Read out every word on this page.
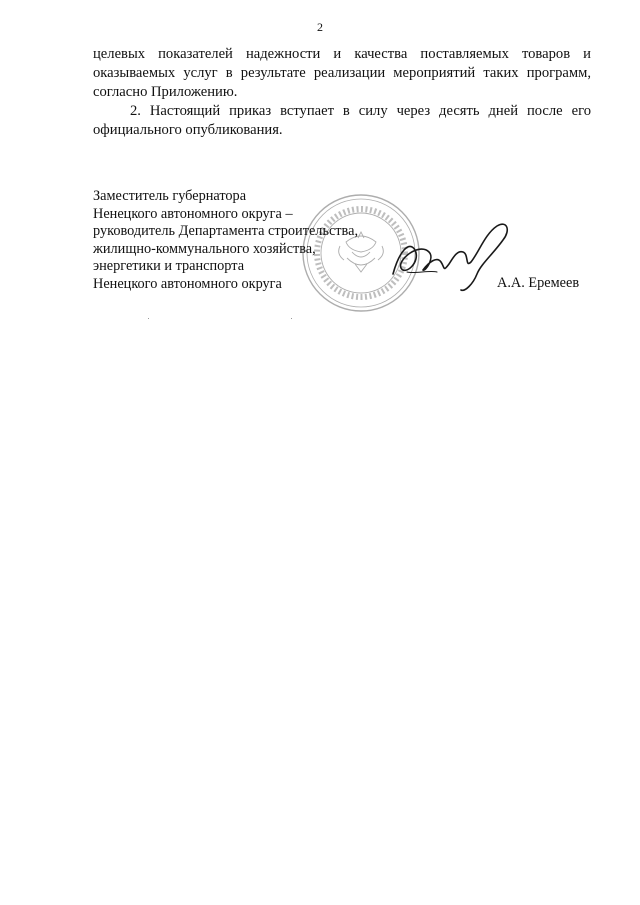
2

целевых показателей надежности и качества поставляемых товаров и оказываемых услуг в результате реализации мероприятий таких программ, согласно Приложению.

2. Настоящий приказ вступает в силу через десять дней после его официального опубликования.

Заместитель губернатора
Ненецкого автономного округа –
руководитель Департамента строительства,
жилищно-коммунального хозяйства,
энергетики и транспорта
Ненецкого автономного округа	А.А. Еремеев
